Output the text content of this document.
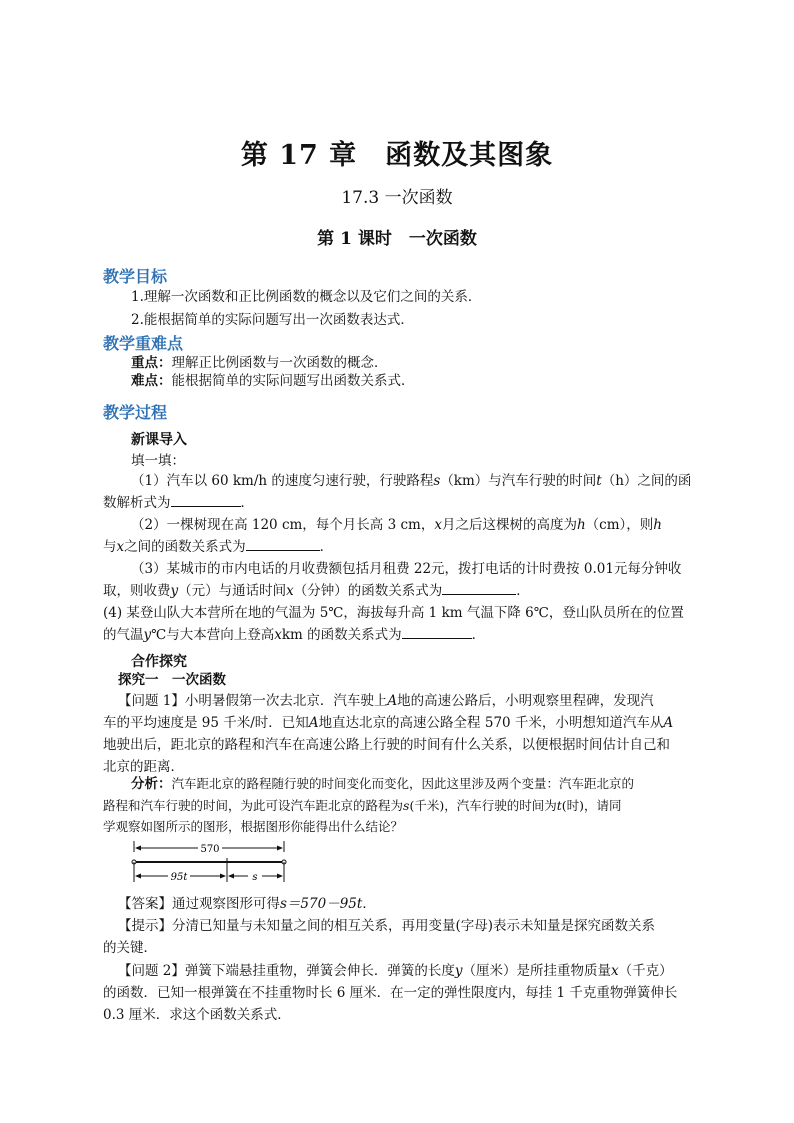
第 17 章　函数及其图象
17.3 一次函数
第 1 课时　一次函数
教学目标
1.理解一次函数和正比例函数的概念以及它们之间的关系．
2.能根据简单的实际问题写出一次函数表达式．
教学重难点
重点：理解正比例函数与一次函数的概念．
难点：能根据简单的实际问题写出函数关系式．
教学过程
新课导入
填一填：
（1）汽车以 60 km/h 的速度匀速行驶，行驶路程s（km）与汽车行驶的时间t（h）之间的函
数解析式为	．
（2）一棵树现在高 120 cm，每个月长高 3 cm，x月之后这棵树的高度为h（cm），则h
与x之间的函数关系式为	．
（3）某城市的市内电话的月收费额包括月租费 22元，拨打电话的计时费按 0.01元每分钟收
取，则收费y（元）与通话时间x（分钟）的函数关系式为	．
(4) 某登山队大本营所在地的气温为 5℃，海拔每升高 1 km 气温下降 6℃，登山队员所在的位置
的气温y℃与大本营向上登高xkm 的函数关系式为	．
合作探究
探究一　一次函数
【问题 1】小明暑假第一次去北京．汽车驶上A地的高速公路后，小明观察里程碑，发现汽
车的平均速度是 95 千米/时．已知A地直达北京的高速公路全程 570 千米，小明想知道汽车从A
地驶出后，距北京的路程和汽车在高速公路上行驶的时间有什么关系，以便根据时间估计自己和
北京的距离．
分析：汽车距北京的路程随行驶的时间变化而变化，因此这里涉及两个变量：汽车距北京的
路程和汽车行驶的时间，为此可设汽车距北京的路程为s(千米)，汽车行驶的时间为t(时)，请同
学观察如图所示的图形，根据图形你能得出什么结论？
570
95t	s
【答案】通过观察图形可得s＝570－95t．
【提示】分清已知量与未知量之间的相互关系，再用变量(字母)表示未知量是探究函数关系
的关键．
【问题 2】弹簧下端悬挂重物，弹簧会伸长．弹簧的长度y（厘米）是所挂重物质量x（千克）
的函数．已知一根弹簧在不挂重物时长 6 厘米．在一定的弹性限度内，每挂 1 千克重物弹簧伸长
0.3 厘米．求这个函数关系式．
